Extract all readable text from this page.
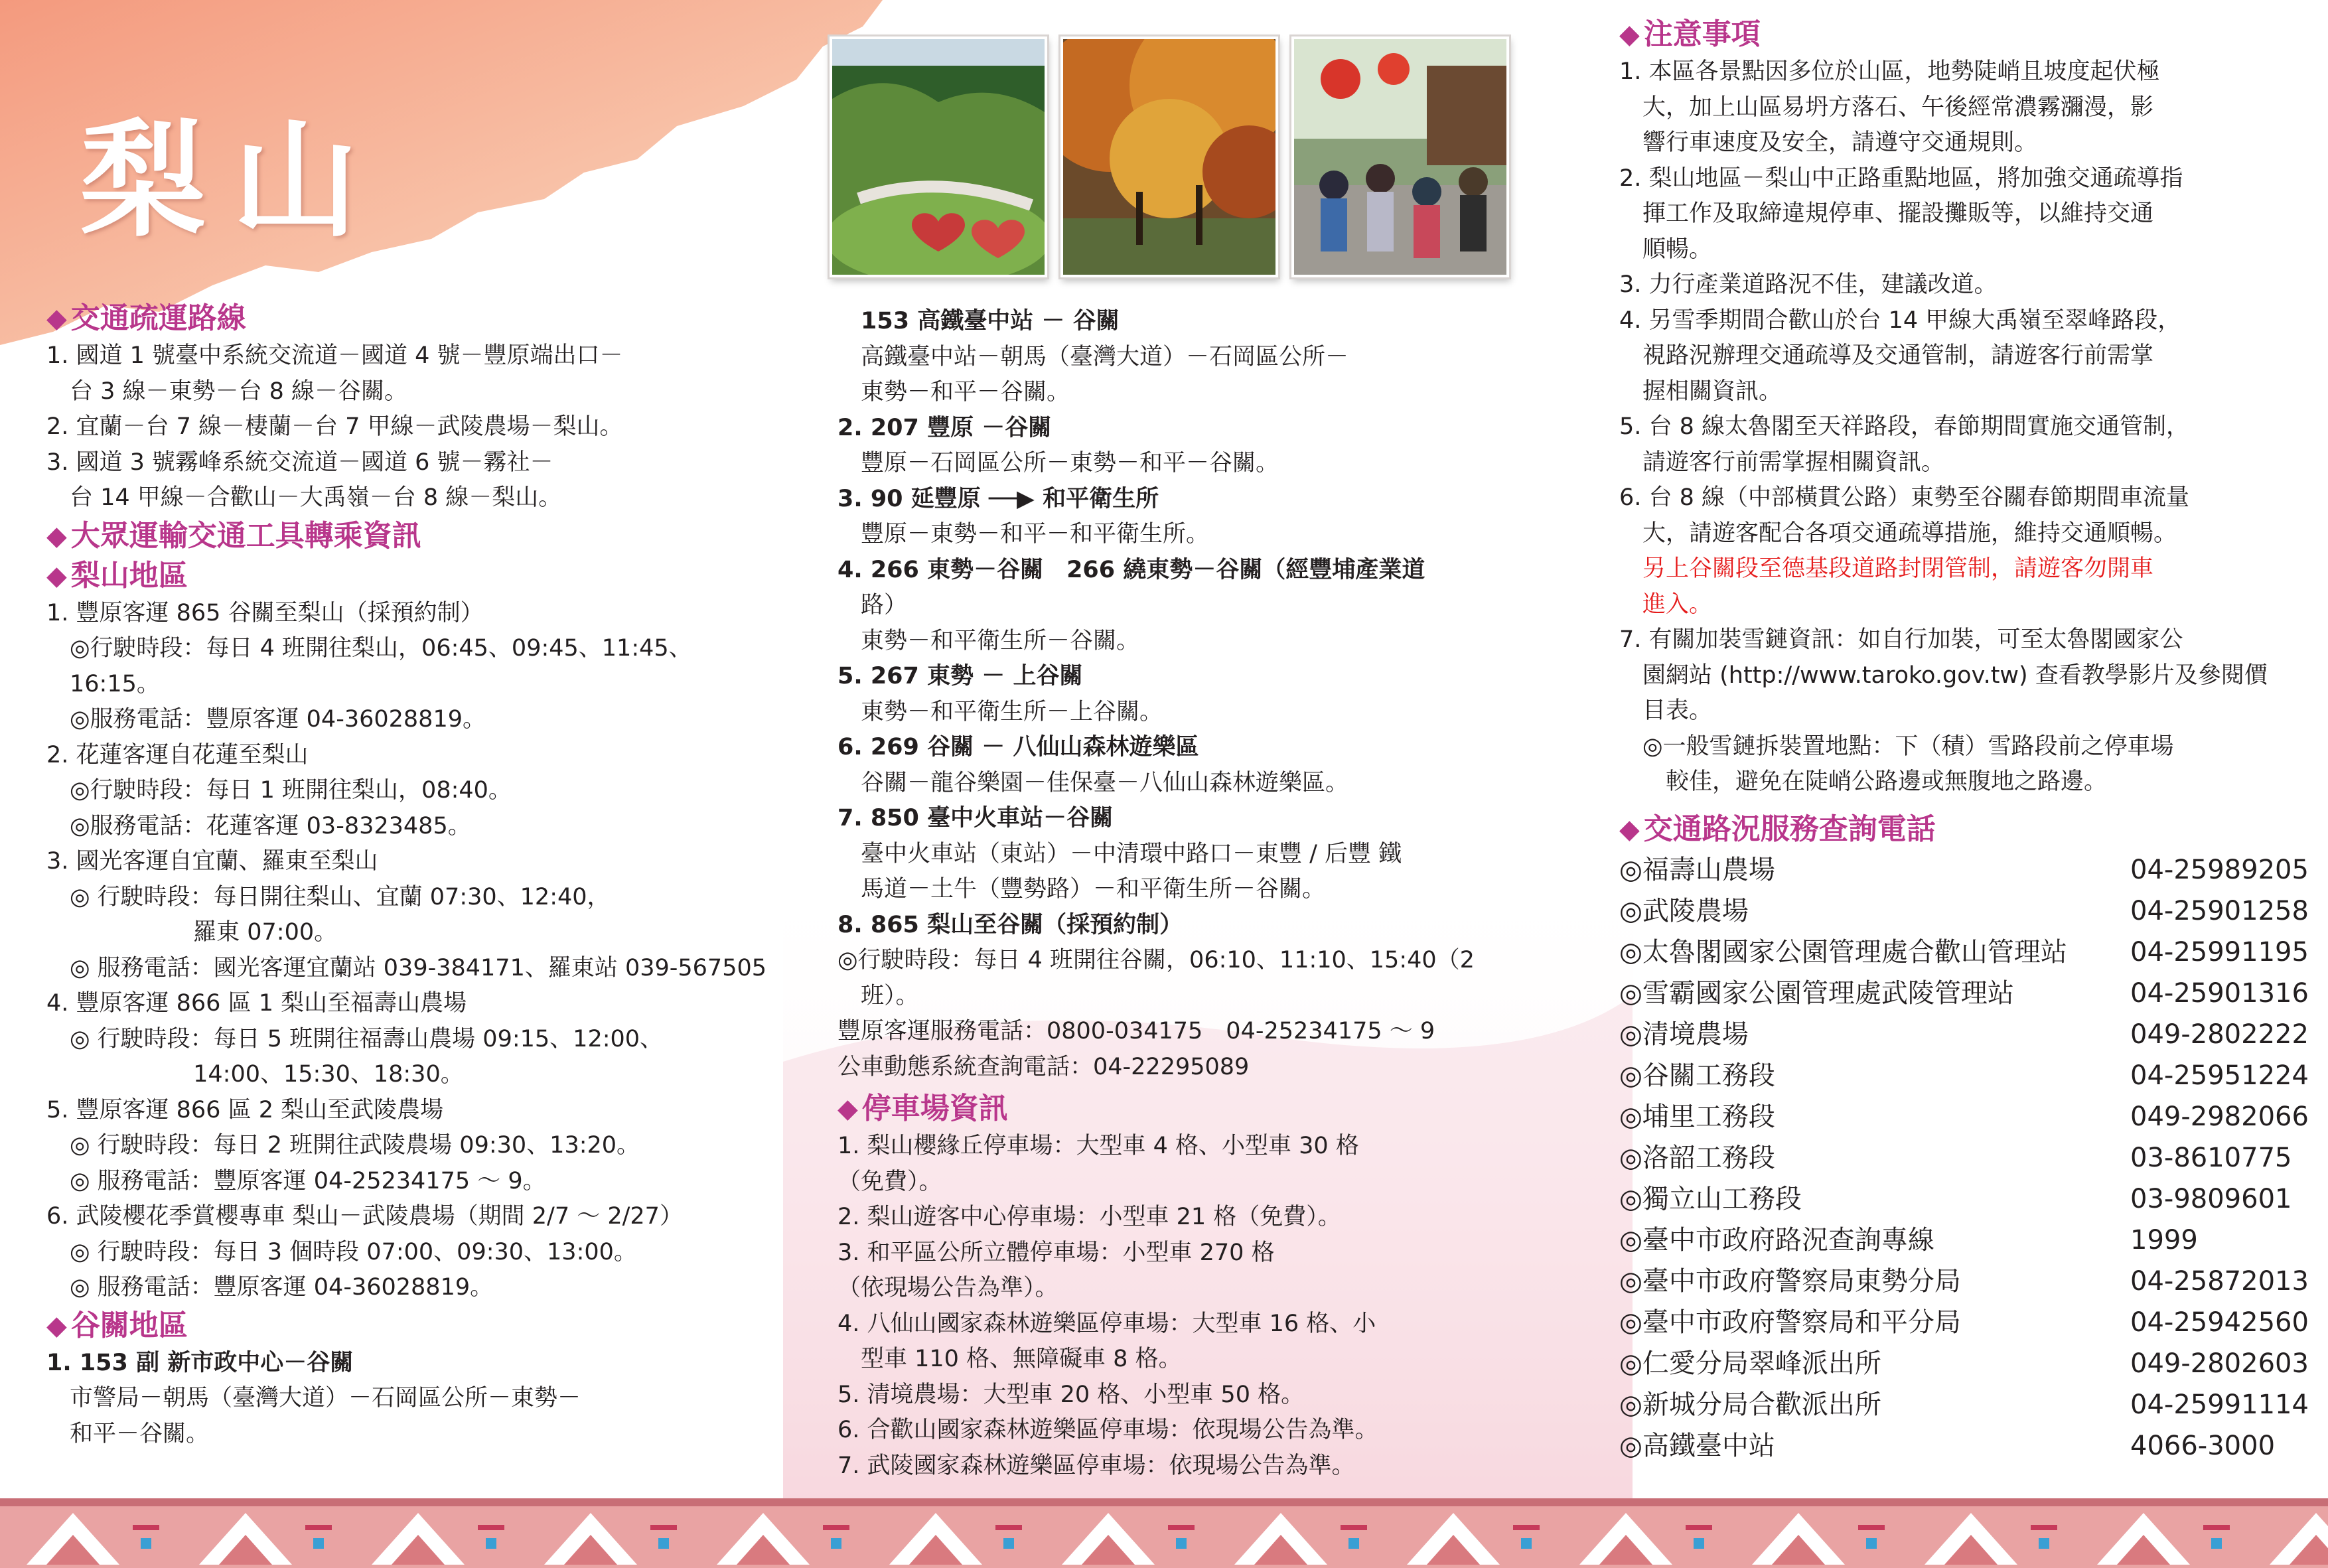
梨山
◆ 交通疏運路線
1. 國道 1 號臺中系統交流道－國道 4 號－豐原端出口－
　台 3 線－東勢－台 8 線－谷關。
2. 宜蘭－台 7 線－棲蘭－台 7 甲線－武陵農場－梨山。
3. 國道 3 號霧峰系統交流道－國道 6 號－霧社－
　台 14 甲線－合歡山－大禹嶺－台 8 線－梨山。
◆ 大眾運輸交通工具轉乘資訊
◆ 梨山地區
1. 豐原客運 865 谷關至梨山（採預約制）
　◎行駛時段：每日 4 班開往梨山，06:45、09:45、11:45、
　16:15。
　◎服務電話：豐原客運 04-36028819。
2. 花蓮客運自花蓮至梨山
　◎行駛時段：每日 1 班開往梨山，08:40。
　◎服務電話：花蓮客運 03-8323485。
3. 國光客運自宜蘭、羅東至梨山
　◎ 行駛時段：每日開往梨山、宜蘭 07:30、12:40，
　　　　　　 羅東 07:00。
　◎ 服務電話：國光客運宜蘭站 039-384171、羅東站 039-567505
4. 豐原客運 866 區 1 梨山至福壽山農場
　◎ 行駛時段：每日 5 班開往福壽山農場 09:15、12:00、
　　　　　　 14:00、15:30、18:30。
5. 豐原客運 866 區 2 梨山至武陵農場
　◎ 行駛時段：每日 2 班開往武陵農場 09:30、13:20。
　◎ 服務電話：豐原客運 04-25234175 ～ 9。
6. 武陵櫻花季賞櫻專車 梨山－武陵農場（期間 2/7 ～ 2/27）
　◎ 行駛時段：每日 3 個時段 07:00、09:30、13:00。
　◎ 服務電話：豐原客運 04-36028819。
◆ 谷關地區
1. 153 副 新市政中心－谷關
　市警局－朝馬（臺灣大道）－石岡區公所－東勢－
　和平－谷關。
　153 高鐵臺中站 － 谷關
　高鐵臺中站－朝馬（臺灣大道）－石岡區公所－
　東勢－和平－谷關。
2. 207 豐原 －谷關
　豐原－石岡區公所－東勢－和平－谷關。
3. 90 延豐原 ──▶ 和平衛生所
　豐原－東勢－和平－和平衛生所。
4. 266 東勢－谷關　266 繞東勢－谷關（經豐埔產業道
　路）
　東勢－和平衛生所－谷關。
5. 267 東勢 － 上谷關
　東勢－和平衛生所－上谷關。
6. 269 谷關 － 八仙山森林遊樂區
　谷關－龍谷樂園－佳保臺－八仙山森林遊樂區。
7. 850 臺中火車站－谷關
　臺中火車站（東站）－中清環中路口－東豐 / 后豐 鐵
　馬道－土牛（豐勢路）－和平衛生所－谷關。
8. 865 梨山至谷關（採預約制）
◎行駛時段：每日 4 班開往谷關，06:10、11:10、15:40（2
　班）。
豐原客運服務電話：0800-034175　04-25234175 ～ 9
公車動態系統查詢電話：04-22295089
◆ 停車場資訊
1. 梨山櫻緣丘停車場：大型車 4 格、小型車 30 格
（免費）。
2. 梨山遊客中心停車場：小型車 21 格（免費）。
3. 和平區公所立體停車場：小型車 270 格
（依現場公告為準）。
4. 八仙山國家森林遊樂區停車場：大型車 16 格、小
　型車 110 格、無障礙車 8 格。
5. 清境農場：大型車 20 格、小型車 50 格。
6. 合歡山國家森林遊樂區停車場：依現場公告為準。
7. 武陵國家森林遊樂區停車場：依現場公告為準。
◆ 注意事項
1. 本區各景點因多位於山區，地勢陡峭且坡度起伏極
　大，加上山區易坍方落石、午後經常濃霧瀰漫，影
　響行車速度及安全，請遵守交通規則。
2. 梨山地區－梨山中正路重點地區，將加強交通疏導指
　揮工作及取締違規停車、擺設攤販等，以維持交通
　順暢。
3. 力行產業道路況不佳，建議改道。
4. 另雪季期間合歡山於台 14 甲線大禹嶺至翠峰路段，
　視路況辦理交通疏導及交通管制，請遊客行前需掌
　握相關資訊。
5. 台 8 線太魯閣至天祥路段，春節期間實施交通管制，
　請遊客行前需掌握相關資訊。
6. 台 8 線（中部橫貫公路）東勢至谷關春節期間車流量
　大，請遊客配合各項交通疏導措施，維持交通順暢。
　另上谷關段至德基段道路封閉管制，請遊客勿開車
　進入。
7. 有關加裝雪鏈資訊：如自行加裝，可至太魯閣國家公
　園網站 (http://www.taroko.gov.tw) 查看教學影片及參閱價
　目表。
　◎一般雪鏈拆裝置地點：下（積）雪路段前之停車場
　　較佳，避免在陡峭公路邊或無腹地之路邊。
◆ 交通路況服務查詢電話
◎福壽山農場	04-25989205
◎武陵農場	04-25901258
◎太魯閣國家公園管理處合歡山管理站 04-25991195
◎雪霸國家公園管理處武陵管理站	04-25901316
◎清境農場	049-2802222
◎谷關工務段	04-25951224
◎埔里工務段	049-2982066
◎洛韶工務段	03-8610775
◎獨立山工務段	03-9809601
◎臺中市政府路況查詢專線	1999
◎臺中市政府警察局東勢分局	04-25872013
◎臺中市政府警察局和平分局	04-25942560
◎仁愛分局翠峰派出所	049-2802603
◎新城分局合歡派出所	04-25991114
◎高鐵臺中站	4066-3000
